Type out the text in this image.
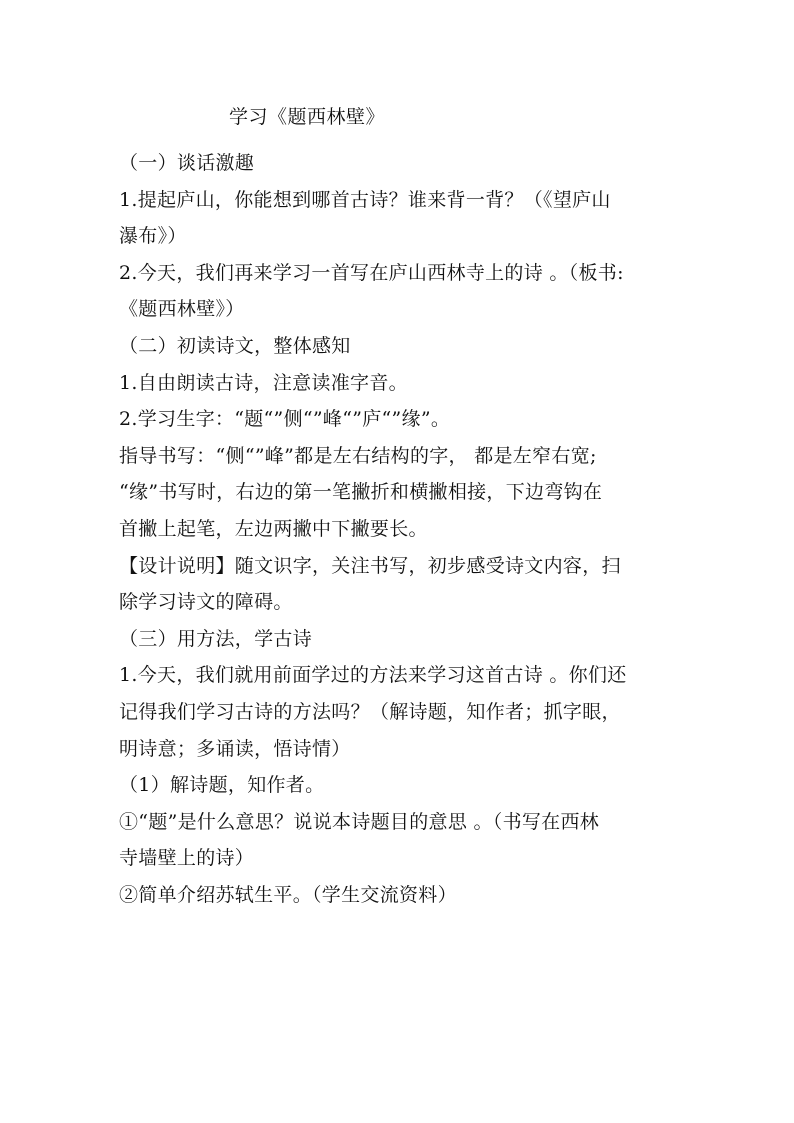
学习《题西林壁》
（一）谈话激趣
1.提起庐山，你能想到哪首古诗？谁来背一背？（《望庐山
瀑布》）
2.今天，我们再来学习一首写在庐山西林寺上的诗 。（板书:
《题西林壁》）
（二）初读诗文，整体感知
1.自由朗读古诗，注意读准字音。
2.学习生字：“题“”侧“”峰“”庐“”缘”。
指导书写：“侧“”峰”都是左右结构的字， 都是左窄右宽;
“缘”书写时，右边的第一笔撇折和横撇相接，下边弯钩在
首撇上起笔，左边两撇中下撇要长。
【设计说明】随文识字，关注书写，初步感受诗文内容，扫
除学习诗文的障碍。
（三）用方法，学古诗
1.今天，我们就用前面学过的方法来学习这首古诗 。你们还
记得我们学习古诗的方法吗？（解诗题，知作者；抓字眼，
明诗意；多诵读，悟诗情）
（1）解诗题，知作者。
①“题”是什么意思？说说本诗题目的意思 。（书写在西林
寺墙壁上的诗）
②简单介绍苏轼生平。（学生交流资料）
